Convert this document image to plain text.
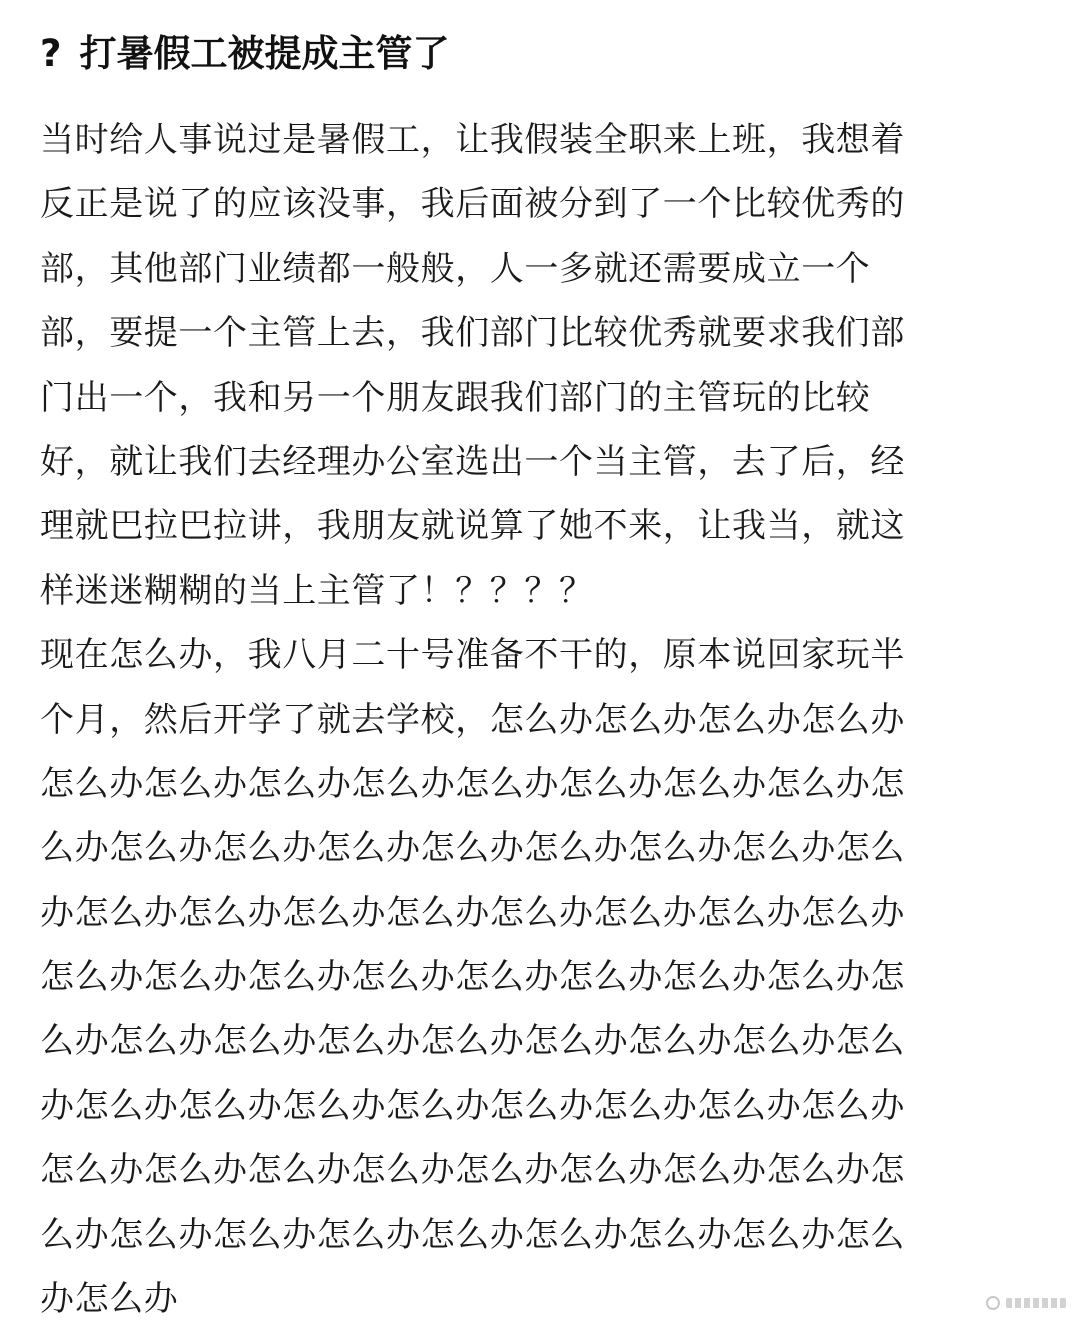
? 打暑假工被提成主管了
当时给人事说过是暑假工，让我假装全职来上班，我想着
反正是说了的应该没事，我后面被分到了一个比较优秀的
部，其他部门业绩都一般般，人一多就还需要成立一个
部，要提一个主管上去，我们部门比较优秀就要求我们部
门出一个，我和另一个朋友跟我们部门的主管玩的比较
好，就让我们去经理办公室选出一个当主管，去了后，经
理就巴拉巴拉讲，我朋友就说算了她不来，让我当，就这
样迷迷糊糊的当上主管了！？？？？
现在怎么办，我八月二十号准备不干的，原本说回家玩半
个月，然后开学了就去学校，怎么办怎么办怎么办怎么办
怎么办怎么办怎么办怎么办怎么办怎么办怎么办怎么办怎
么办怎么办怎么办怎么办怎么办怎么办怎么办怎么办怎么
办怎么办怎么办怎么办怎么办怎么办怎么办怎么办怎么办
怎么办怎么办怎么办怎么办怎么办怎么办怎么办怎么办怎
么办怎么办怎么办怎么办怎么办怎么办怎么办怎么办怎么
办怎么办怎么办怎么办怎么办怎么办怎么办怎么办怎么办
怎么办怎么办怎么办怎么办怎么办怎么办怎么办怎么办怎
么办怎么办怎么办怎么办怎么办怎么办怎么办怎么办怎么
办怎么办
